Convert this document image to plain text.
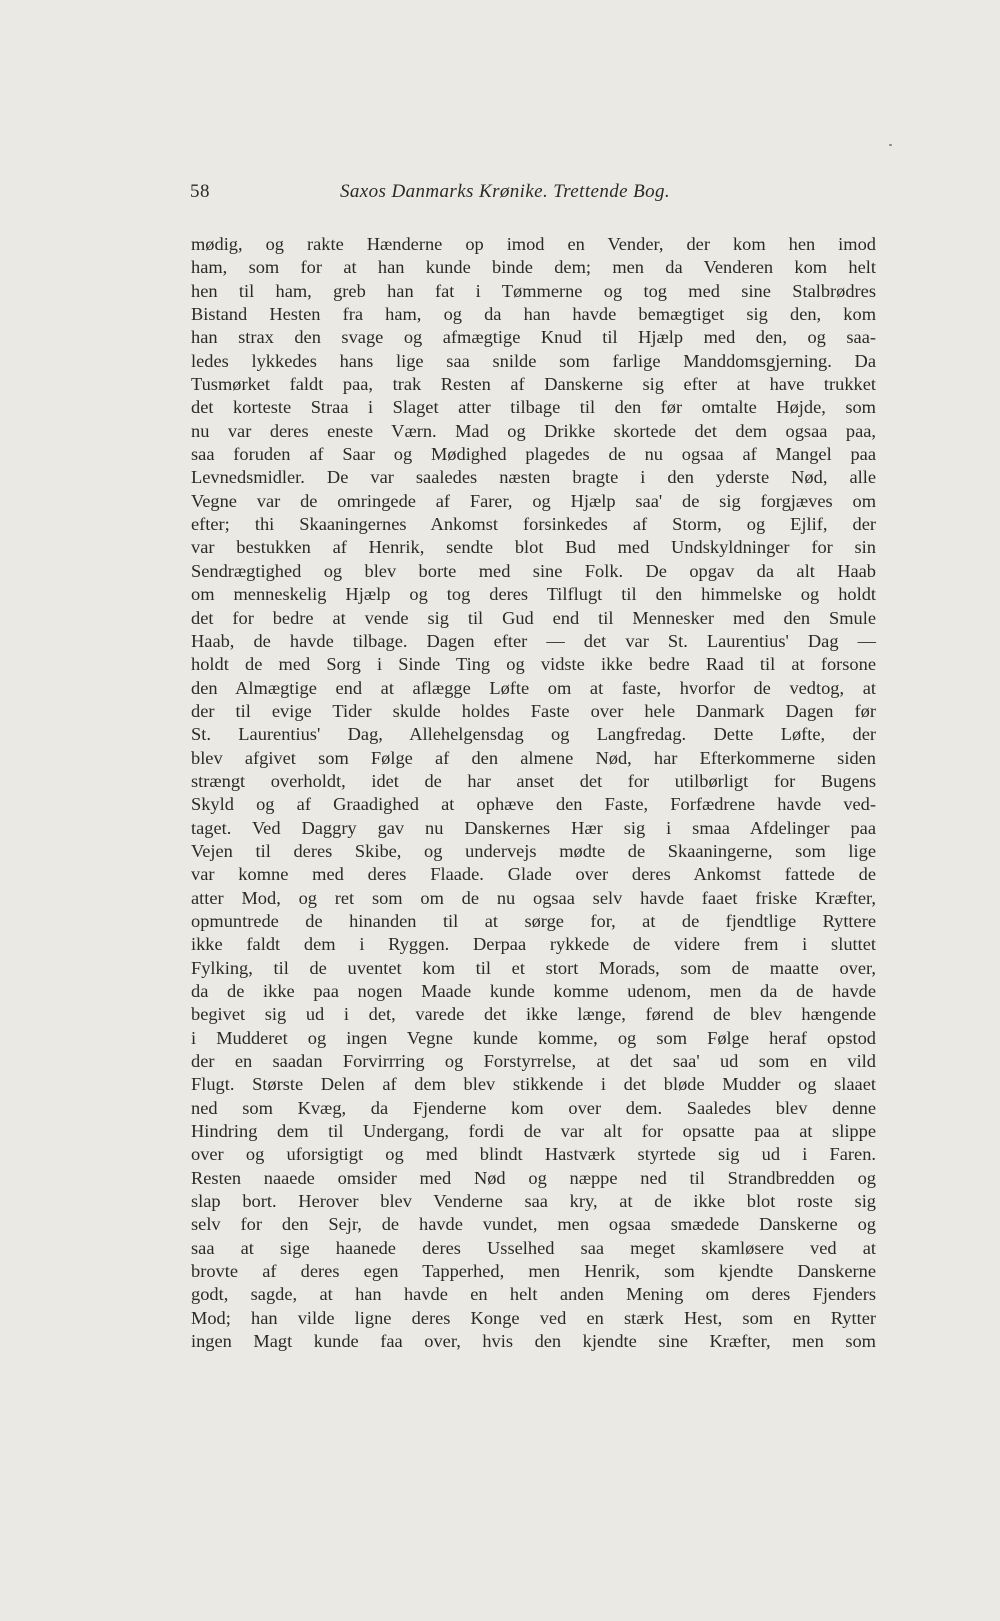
58	Saxos Danmarks Krønike. Trettende Bog.
mødig, og rakte Hænderne op imod en Vender, der kom hen imod
ham, som for at han kunde binde dem; men da Venderen kom helt
hen til ham, greb han fat i Tømmerne og tog med sine Stalbrødres
Bistand Hesten fra ham, og da han havde bemægtiget sig den, kom
han strax den svage og afmægtige Knud til Hjælp med den, og saa-
ledes lykkedes hans lige saa snilde som farlige Manddomsgjerning. Da
Tusmørket faldt paa, trak Resten af Danskerne sig efter at have trukket
det korteste Straa i Slaget atter tilbage til den før omtalte Højde, som
nu var deres eneste Værn. Mad og Drikke skortede det dem ogsaa paa,
saa foruden af Saar og Mødighed plagedes de nu ogsaa af Mangel paa
Levnedsmidler. De var saaledes næsten bragte i den yderste Nød, alle
Vegne var de omringede af Farer, og Hjælp saa' de sig forgjæves om
efter; thi Skaaningernes Ankomst forsinkedes af Storm, og Ejlif, der
var bestukken af Henrik, sendte blot Bud med Undskyldninger for sin
Sendrægtighed og blev borte med sine Folk. De opgav da alt Haab
om menneskelig Hjælp og tog deres Tilflugt til den himmelske og holdt
det for bedre at vende sig til Gud end til Mennesker med den Smule
Haab, de havde tilbage. Dagen efter — det var St. Laurentius' Dag —
holdt de med Sorg i Sinde Ting og vidste ikke bedre Raad til at forsone
den Almægtige end at aflægge Løfte om at faste, hvorfor de vedtog, at
der til evige Tider skulde holdes Faste over hele Danmark Dagen før
St. Laurentius' Dag, Allehelgensdag og Langfredag. Dette Løfte, der
blev afgivet som Følge af den almene Nød, har Efterkommerne siden
strængt overholdt, idet de har anset det for utilbørligt for Bugens
Skyld og af Graadighed at ophæve den Faste, Forfædrene havde ved-
taget. Ved Daggry gav nu Danskernes Hær sig i smaa Afdelinger paa
Vejen til deres Skibe, og undervejs mødte de Skaaningerne, som lige
var komne med deres Flaade. Glade over deres Ankomst fattede de
atter Mod, og ret som om de nu ogsaa selv havde faaet friske Kræfter,
opmuntrede de hinanden til at sørge for, at de fjendtlige Ryttere
ikke faldt dem i Ryggen. Derpaa rykkede de videre frem i sluttet
Fylking, til de uventet kom til et stort Morads, som de maatte over,
da de ikke paa nogen Maade kunde komme udenom, men da de havde
begivet sig ud i det, varede det ikke længe, førend de blev hængende
i Mudderet og ingen Vegne kunde komme, og som Følge heraf opstod
der en saadan Forvirrring og Forstyrrelse, at det saa' ud som en vild
Flugt. Største Delen af dem blev stikkende i det bløde Mudder og slaaet
ned som Kvæg, da Fjenderne kom over dem. Saaledes blev denne
Hindring dem til Undergang, fordi de var alt for opsatte paa at slippe
over og uforsigtigt og med blindt Hastværk styrtede sig ud i Faren.
Resten naaede omsider med Nød og næppe ned til Strandbredden og
slap bort. Herover blev Venderne saa kry, at de ikke blot roste sig
selv for den Sejr, de havde vundet, men ogsaa smædede Danskerne og
saa at sige haanede deres Usselhed saa meget skamløsere ved at
brovte af deres egen Tapperhed, men Henrik, som kjendte Danskerne
godt, sagde, at han havde en helt anden Mening om deres Fjenders
Mod; han vilde ligne deres Konge ved en stærk Hest, som en Rytter
ingen Magt kunde faa over, hvis den kjendte sine Kræfter, men som
